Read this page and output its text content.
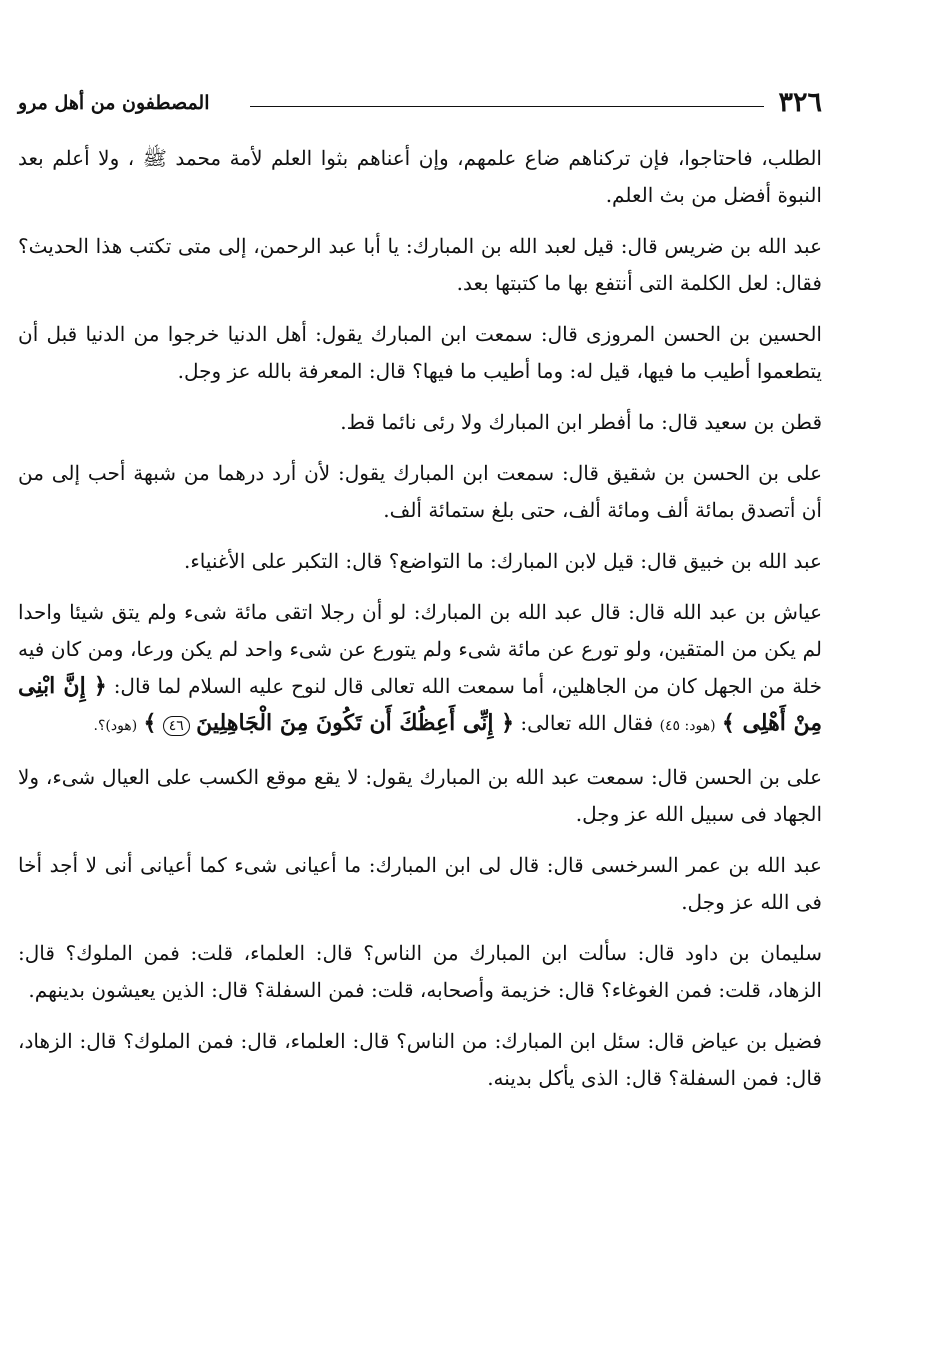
٣٢٦
المصطفون من أهل مرو

الطلب، فاحتاجوا، فإن تركناهم ضاع علمهم، وإن أعناهم بثوا العلم لأمة محمد ﷺ ، ولا أعلم بعد النبوة أفضل من بث العلم.

عبد الله بن ضريس قال: قيل لعبد الله بن المبارك: يا أبا عبد الرحمن، إلى متى تكتب هذا الحديث؟ فقال: لعل الكلمة التى أنتفع بها ما كتبتها بعد.

الحسين بن الحسن المروزى قال: سمعت ابن المبارك يقول: أهل الدنيا خرجوا من الدنيا قبل أن يتطعموا أطيب ما فيها، قيل له: وما أطيب ما فيها؟ قال: المعرفة بالله عز وجل.

قطن بن سعيد قال: ما أفطر ابن المبارك ولا رئى نائما قط.

على بن الحسن بن شقيق قال: سمعت ابن المبارك يقول: لأن أرد درهما من شبهة أحب إلى من أن أتصدق بمائة ألف ومائة ألف، حتى بلغ ستمائة ألف.

عبد الله بن خبيق قال: قيل لابن المبارك: ما التواضع؟ قال: التكبر على الأغنياء.

عياش بن عبد الله قال: قال عبد الله بن المبارك: لو أن رجلا اتقى مائة شىء ولم يتق شيئا واحدا لم يكن من المتقين، ولو تورع عن مائة شىء ولم يتورع عن شىء واحد لم يكن ورعا، ومن كان فيه خلة من الجهل كان من الجاهلين، أما سمعت الله تعالى قال لنوح عليه السلام لما قال: ﴿ إِنَّ ابْنِى مِنْ أَهْلِى ﴾ (هود: ٤٥) فقال الله تعالى: ﴿ إِنِّى أَعِظُكَ أَن تَكُونَ مِنَ الْجَاهِلِينَ ٤٦ ﴾ (هود)؟.

على بن الحسن قال: سمعت عبد الله بن المبارك يقول: لا يقع موقع الكسب على العيال شىء، ولا الجهاد فى سبيل الله عز وجل.

عبد الله بن عمر السرخسى قال: قال لى ابن المبارك: ما أعيانى شىء كما أعيانى أنى لا أجد أخا فى الله عز وجل.

سليمان بن داود قال: سألت ابن المبارك من الناس؟ قال: العلماء، قلت: فمن الملوك؟ قال: الزهاد، قلت: فمن الغوغاء؟ قال: خزيمة وأصحابه، قلت: فمن السفلة؟ قال: الذين يعيشون بدينهم.

فضيل بن عياض قال: سئل ابن المبارك: من الناس؟ قال: العلماء، قال: فمن الملوك؟ قال: الزهاد، قال: فمن السفلة؟ قال: الذى يأكل بدينه.
